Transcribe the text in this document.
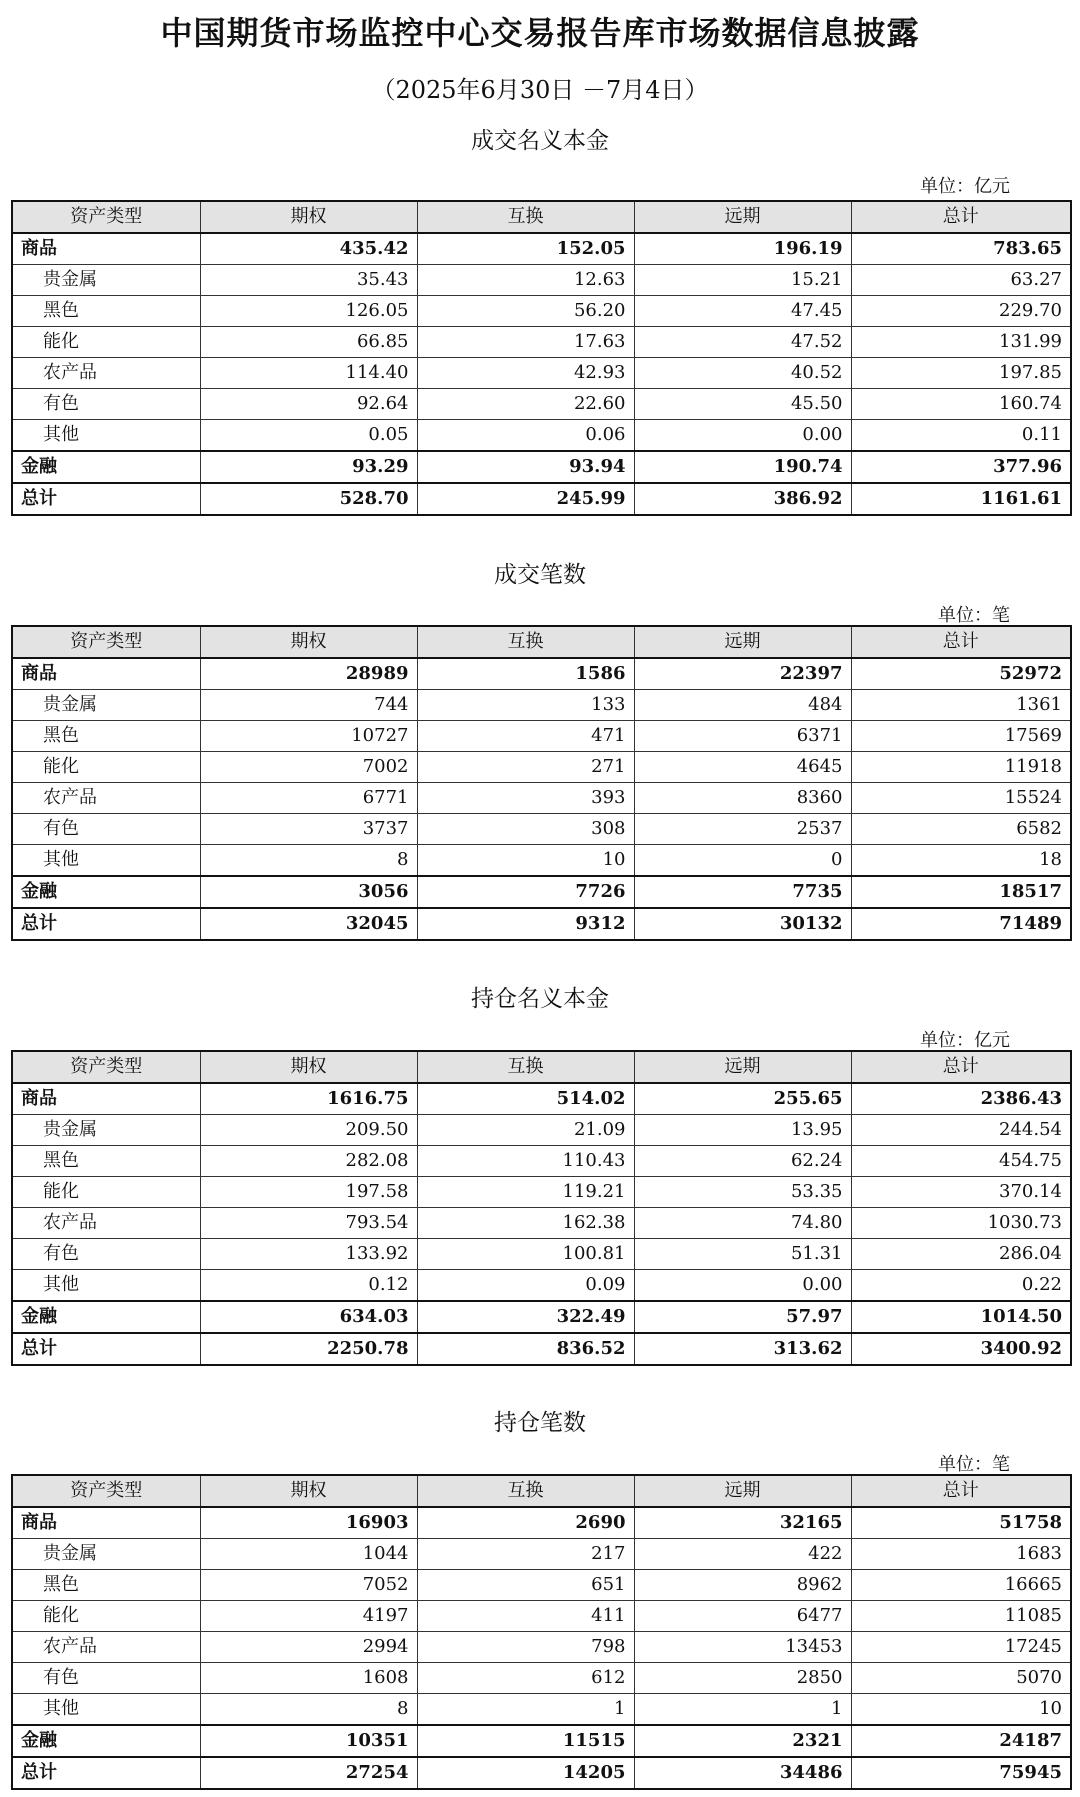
中国期货市场监控中心交易报告库市场数据信息披露
（2025年6月30日 －7月4日）
成交名义本金
单位：亿元
资产类型	期权	互换	远期	总计
商品	435.42	152.05	196.19	783.65
贵金属	35.43	12.63	15.21	63.27
黑色	126.05	56.20	47.45	229.70
能化	66.85	17.63	47.52	131.99
农产品	114.40	42.93	40.52	197.85
有色	92.64	22.60	45.50	160.74
其他	0.05	0.06	0.00	0.11
金融	93.29	93.94	190.74	377.96
总计	528.70	245.99	386.92	1161.61
成交笔数
单位：笔
资产类型	期权	互换	远期	总计
商品	28989	1586	22397	52972
贵金属	744	133	484	1361
黑色	10727	471	6371	17569
能化	7002	271	4645	11918
农产品	6771	393	8360	15524
有色	3737	308	2537	6582
其他	8	10	0	18
金融	3056	7726	7735	18517
总计	32045	9312	30132	71489
持仓名义本金
单位：亿元
资产类型	期权	互换	远期	总计
商品	1616.75	514.02	255.65	2386.43
贵金属	209.50	21.09	13.95	244.54
黑色	282.08	110.43	62.24	454.75
能化	197.58	119.21	53.35	370.14
农产品	793.54	162.38	74.80	1030.73
有色	133.92	100.81	51.31	286.04
其他	0.12	0.09	0.00	0.22
金融	634.03	322.49	57.97	1014.50
总计	2250.78	836.52	313.62	3400.92
持仓笔数
单位：笔
资产类型	期权	互换	远期	总计
商品	16903	2690	32165	51758
贵金属	1044	217	422	1683
黑色	7052	651	8962	16665
能化	4197	411	6477	11085
农产品	2994	798	13453	17245
有色	1608	612	2850	5070
其他	8	1	1	10
金融	10351	11515	2321	24187
总计	27254	14205	34486	75945
